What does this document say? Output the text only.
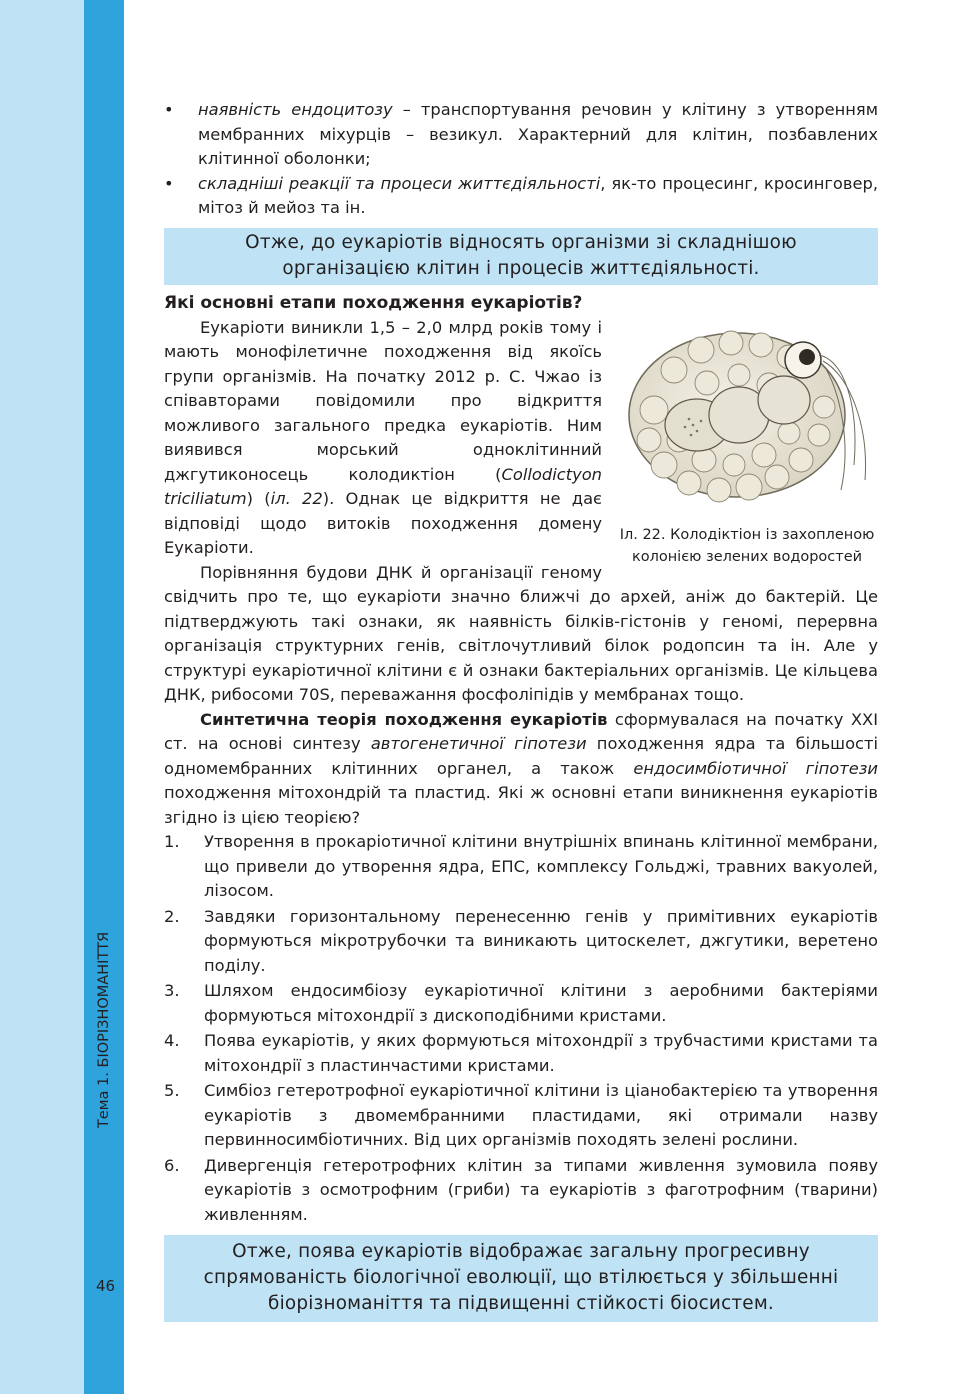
Тема 1. БІОРІЗНОМАНІТТЯ
46
• наявність ендоцитозу – транспортування речовин у клітину з утворенням мембранних міхурців – везикул. Характерний для клітин, позбавлених клітинної оболонки;
• складніші реакції та процеси життєдіяльності, як-то процесинг, кросинговер, мітоз й мейоз та ін.
Отже, до еукаріотів відносять організми зі складнішою організацією клітин і процесів життєдіяльності.
Які основні етапи походження еукаріотів?
Іл. 22. Колодіктіон із захопленою колонією зелених водоростей

Еукаріоти виникли 1,5 – 2,0 млрд років тому і мають монофілетичне походження від якоїсь групи організмів. На початку 2012 р. С. Чжао із співавторами повідомили про відкриття можливого загального предка еукаріотів. Ним виявився морський одноклітинний джгутиконосець колодиктіон (Collodictyon triciliatum) (іл. 22). Однак це відкриття не дає відповіді щодо витоків походження домену Еукаріоти.

Порівняння будови ДНК й організації геному свідчить про те, що еукаріоти значно ближчі до архей, аніж до бактерій. Це підтверджують такі ознаки, як наявність білків-гістонів у геномі, перервна організація структурних генів, світлочутливий білок родопсин та ін. Але у структурі еукаріотичної клітини є й ознаки бактеріальних організмів. Це кільцева ДНК, рибосоми 70S, переважання фосфоліпідів у мембранах тощо.

Синтетична теорія походження еукаріотів сформувалася на початку XXI ст. на основі синтезу автогенетичної гіпотези походження ядра та більшості одномембранних клітинних органел, а також ендосимбіотичної гіпотези походження мітохондрій та пластид. Які ж основні етапи виникнення еукаріотів згідно із цією теорією?

1. Утворення в прокаріотичної клітини внутрішніх впинань клітинної мембрани, що привели до утворення ядра, ЕПС, комплексу Гольджі, травних вакуолей, лізосом.
2. Завдяки горизонтальному перенесенню генів у примітивних еукаріотів формуються мікротрубочки та виникають цитоскелет, джгутики, веретено поділу.
3. Шляхом ендосимбіозу еукаріотичної клітини з аеробними бактеріями формуються мітохондрії з дископодібними кристами.
4. Поява еукаріотів, у яких формуються мітохондрії з трубчастими кристами та мітохондрії з пластинчастими кристами.
5. Симбіоз гетеротрофної еукаріотичної клітини із ціанобактерією та утворення еукаріотів з двомембранними пластидами, які отримали назву первинносимбіотичних. Від цих організмів походять зелені рослини.
6. Дивергенція гетеротрофних клітин за типами живлення зумовила появу еукаріотів з осмотрофним (гриби) та еукаріотів з фаготрофним (тварини) живленням.
Отже, поява еукаріотів відображає загальну прогресивну спрямованість біологічної еволюції, що втілюється у збільшенні біорізноманіття та підвищенні стійкості біосистем.
